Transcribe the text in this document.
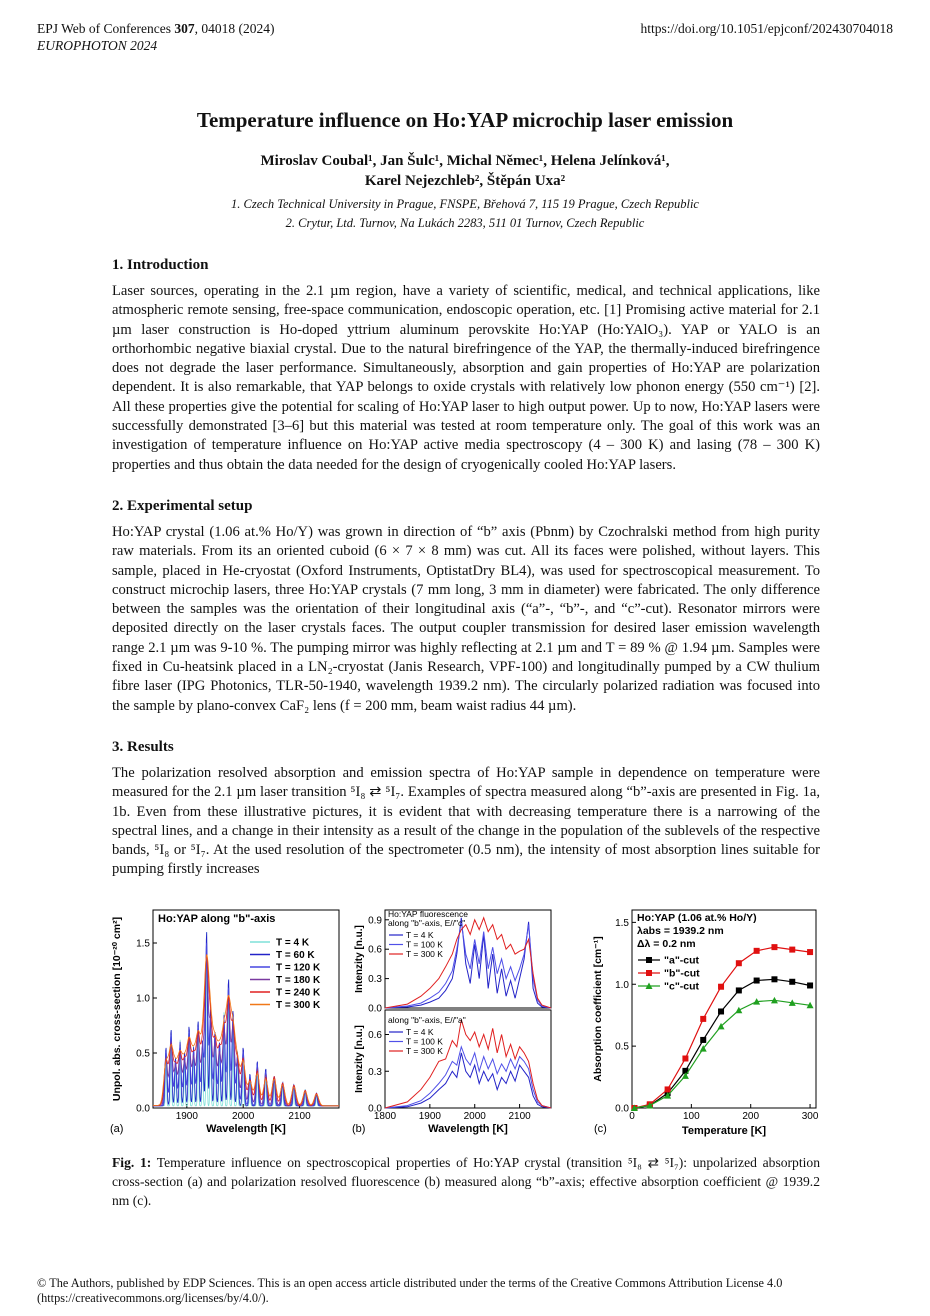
EPJ Web of Conferences 307, 04018 (2024)
EUROPHOTON 2024
https://doi.org/10.1051/epjconf/202430704018
Temperature influence on Ho:YAP microchip laser emission
Miroslav Coubal¹, Jan Šulc¹, Michal Němec¹, Helena Jelínková¹,
Karel Nejezchleb², Štěpán Uxa²
1. Czech Technical University in Prague, FNSPE, Břehová 7, 115 19 Prague, Czech Republic
2. Crytur, Ltd. Turnov, Na Lukách 2283, 511 01 Turnov, Czech Republic
1. Introduction
Laser sources, operating in the 2.1 µm region, have a variety of scientific, medical, and technical applications, like atmospheric remote sensing, free-space communication, endoscopic operation, etc. [1] Promising active material for 2.1 µm laser construction is Ho-doped yttrium aluminum perovskite Ho:YAP (Ho:YAlO₃). YAP or YALO is an orthorhombic negative biaxial crystal. Due to the natural birefringence of the YAP, the thermally-induced birefringence does not degrade the laser performance. Simultaneously, absorption and gain properties of Ho:YAP are polarization dependent. It is also remarkable, that YAP belongs to oxide crystals with relatively low phonon energy (550 cm⁻¹) [2]. All these properties give the potential for scaling of Ho:YAP laser to high output power. Up to now, Ho:YAP lasers were successfully demonstrated [3–6] but this material was tested at room temperature only. The goal of this work was an investigation of temperature influence on Ho:YAP active media spectroscopy (4 – 300 K) and lasing (78 – 300 K) properties and thus obtain the data needed for the design of cryogenically cooled Ho:YAP lasers.
2. Experimental setup
Ho:YAP crystal (1.06 at.% Ho/Y) was grown in direction of “b” axis (Pbnm) by Czochralski method from high purity raw materials. From its an oriented cuboid (6 × 7 × 8 mm) was cut. All its faces were polished, without layers. This sample, placed in He-cryostat (Oxford Instruments, OptistatDry BL4), was used for spectroscopical measurement. To construct microchip lasers, three Ho:YAP crystals (7 mm long, 3 mm in diameter) were fabricated. The only difference between the samples was the orientation of their longitudinal axis (“a”-, “b”-, and “c”-cut). Resonator mirrors were deposited directly on the laser crystals faces. The output coupler transmission for desired laser emission wavelength range 2.1 µm was 9-10 %. The pumping mirror was highly reflecting at 2.1 µm and T = 89 % @ 1.94 µm. Samples were fixed in Cu-heatsink placed in a LN₂-cryostat (Janis Research, VPF-100) and longitudinally pumped by a CW thulium fibre laser (IPG Photonics, TLR-50-1940, wavelength 1939.2 nm). The circularly polarized radiation was focused into the sample by plano-convex CaF₂ lens (f = 200 mm, beam waist radius 44 µm).
3. Results
The polarization resolved absorption and emission spectra of Ho:YAP sample in dependence on temperature were measured for the 2.1 µm laser transition ⁵I₈ ⇄ ⁵I₇. Examples of spectra measured along “b”-axis are presented in Fig. 1a, 1b. Even from these illustrative pictures, it is evident that with decreasing temperature there is a narrowing of the spectral lines, and a change in their intensity as a result of the change in the population of the sublevels of the respective bands, ⁵I₈ or ⁵I₇. At the used resolution of the spectrometer (0.5 nm), the intensity of most absorption lines suitable for pumping firstly increases
1900	2000	2100
0.0
0.5
1.0
1.5
Ho:YAP along "b"-axis
Unpol. abs. cross-section [10⁻²⁰ cm²]
Wavelength [K]
(a)
T = 4 K
T = 60 K
T = 120 K
T = 180 K
T = 240 K
T = 300 K	0.0
0.3
0.6
0.9
1800 1900 2000 2100
0.0
0.3
0.6
Ho:YAP fluorescence
along "b"-axis, E//"c"
T = 4 K
T = 100 K
T = 300 K
along "b"-axis, E//"a"
T = 4 K
T = 100 K
T = 300 K
Intenzity [n.u.]
Intenzity [n.u.]
Wavelength [K]
(b)
0	100	200	300
0.0
0.5
1.0
1.5 Ho:YAP (1.06 at.% Ho/Y)
λabs = 1939.2 nm
Δλ = 0.2 nm
"a"-cut
"b"-cut
"c"-cut
Absorption coefficient [cm⁻¹]
Temperature [K]
(c)
Fig. 1: Temperature influence on spectroscopical properties of Ho:YAP crystal (transition ⁵I₈ ⇄ ⁵I₇): unpolarized absorption cross-section (a) and polarization resolved fluorescence (b) measured along “b”-axis; effective absorption coefficient @ 1939.2 nm (c).
© The Authors, published by EDP Sciences. This is an open access article distributed under the terms of the Creative Commons Attribution License 4.0
(https://creativecommons.org/licenses/by/4.0/).
